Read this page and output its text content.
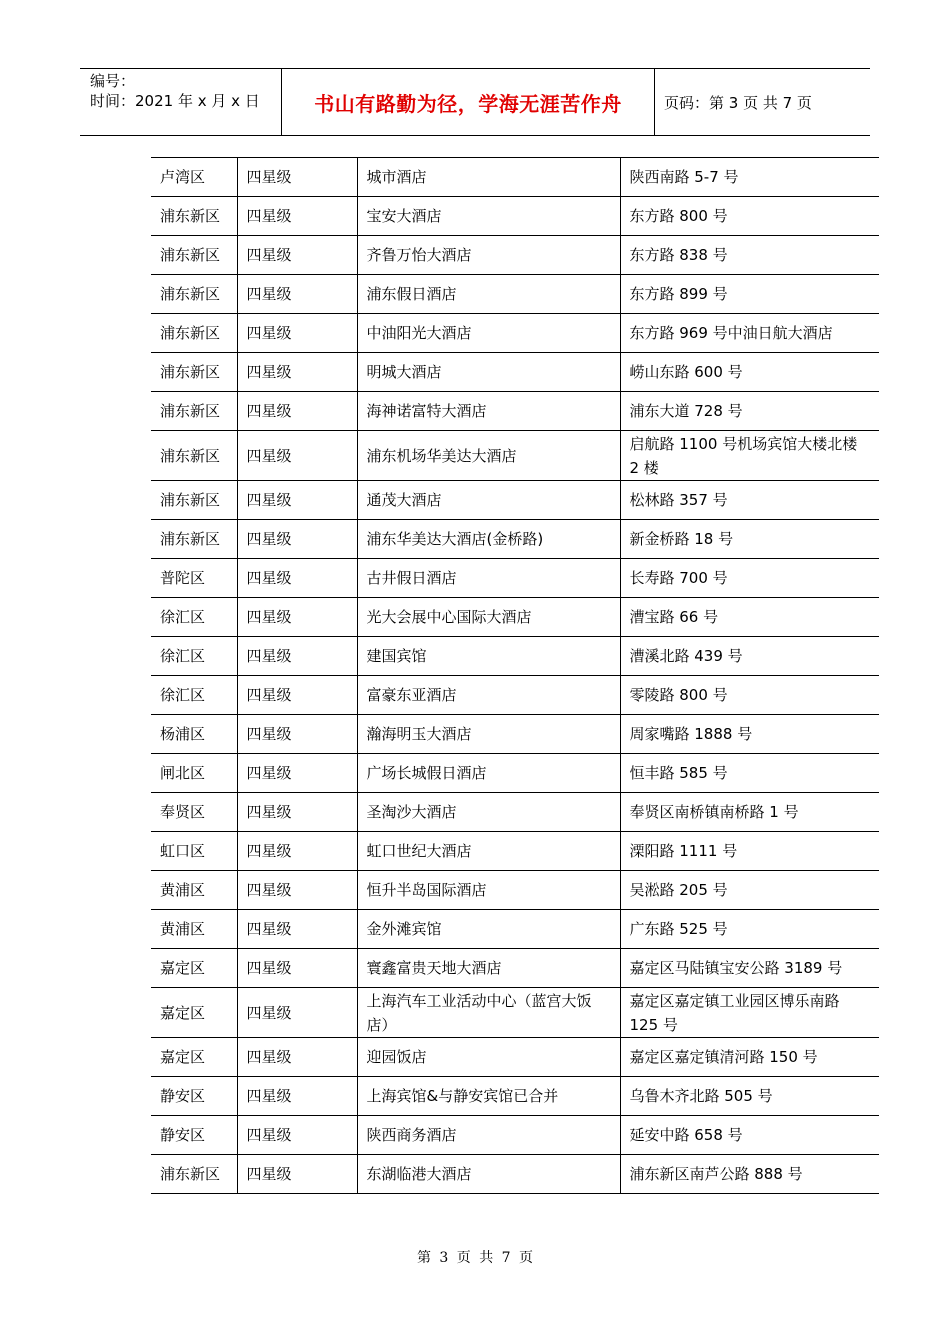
编号：
时间：2021 年 x 月 x 日	书山有路勤为径，学海无涯苦作舟	页码：第 3 页 共 7 页
卢湾区	四星级	城市酒店	陕西南路 5-7 号
浦东新区	四星级	宝安大酒店	东方路 800 号
浦东新区	四星级	齐鲁万怡大酒店	东方路 838 号
浦东新区	四星级	浦东假日酒店	东方路 899 号
浦东新区	四星级	中油阳光大酒店	东方路 969 号中油日航大酒店
浦东新区	四星级	明城大酒店	崂山东路 600 号
浦东新区	四星级	海神诺富特大酒店	浦东大道 728 号
浦东新区	四星级	浦东机场华美达大酒店	启航路 1100 号机场宾馆大楼北楼 2 楼
浦东新区	四星级	通茂大酒店	松林路 357 号
浦东新区	四星级	浦东华美达大酒店(金桥路)	新金桥路 18 号
普陀区	四星级	古井假日酒店	长寿路 700 号
徐汇区	四星级	光大会展中心国际大酒店	漕宝路 66 号
徐汇区	四星级	建国宾馆	漕溪北路 439 号
徐汇区	四星级	富豪东亚酒店	零陵路 800 号
杨浦区	四星级	瀚海明玉大酒店	周家嘴路 1888 号
闸北区	四星级	广场长城假日酒店	恒丰路 585 号
奉贤区	四星级	圣淘沙大酒店	奉贤区南桥镇南桥路 1 号
虹口区	四星级	虹口世纪大酒店	溧阳路 1111 号
黄浦区	四星级	恒升半岛国际酒店	吴淞路 205 号
黄浦区	四星级	金外滩宾馆	广东路 525 号
嘉定区	四星级	寰鑫富贵天地大酒店	嘉定区马陆镇宝安公路 3189 号
嘉定区	四星级	上海汽车工业活动中心（蓝宫大饭店）	嘉定区嘉定镇工业园区博乐南路 125 号
嘉定区	四星级	迎园饭店	嘉定区嘉定镇清河路 150 号
静安区	四星级	上海宾馆&与静安宾馆已合并	乌鲁木齐北路 505 号
静安区	四星级	陕西商务酒店	延安中路 658 号
浦东新区	四星级	东湖临港大酒店	浦东新区南芦公路 888 号
第 3 页 共 7 页
